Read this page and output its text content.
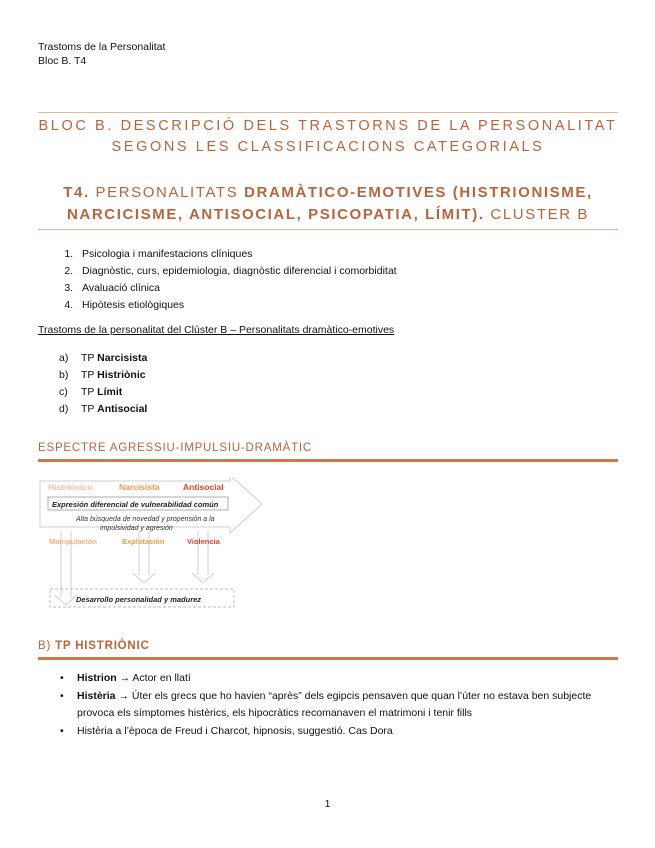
Trastoms de la Personalitat
Bloc B. T4
BLOC B. DESCRIPCIÓ DELS TRASTORNS DE LA PERSONALITAT
SEGONS LES CLASSIFICACIONS CATEGORIALS
T4. PERSONALITATS DRAMÀTICO-EMOTIVES (HISTRIONISME,
NARCICISME, ANTISOCIAL, PSICOPATIA, LÍMIT). CLUSTER B
1. Psicologia i manifestacions clíniques
2. Diagnòstic, curs, epidemiologia, diagnòstic diferencial i comorbiditat
3. Avaluació clínica
4. Hipòtesis etiològiques
Trastoms de la personalitat del Clúster B – Personalitats dramàtico-emotives
a)	TP Narcisista
b)	TP Histriònic
c)	TP Límit
d)	TP Antisocial
ESPECTRE AGRESSIU-IMPULSIU-DRAMÀTIC
Histriónico	Narcisista	Antisocial
Expresión diferencial de vulnerabilidad común
Alta búsqueda de novedad y propensión a la
impulsividad y agresión
Manipulación	Explotación	Violencia
Desarrollo personalidad y madurez
B) TP HISTRIÒNIC
• Histrion → Actor en llatí
• Histèria → Úter els grecs que ho havien “après” dels egipcis pensaven que quan l’úter no estava ben subjecte provoca els símptomes histèrics, els hipocràtics recomanaven el matrimoni i tenir fills
• Histèria a l’època de Freud i Charcot, hipnosis, suggestió. Cas Dora
1
